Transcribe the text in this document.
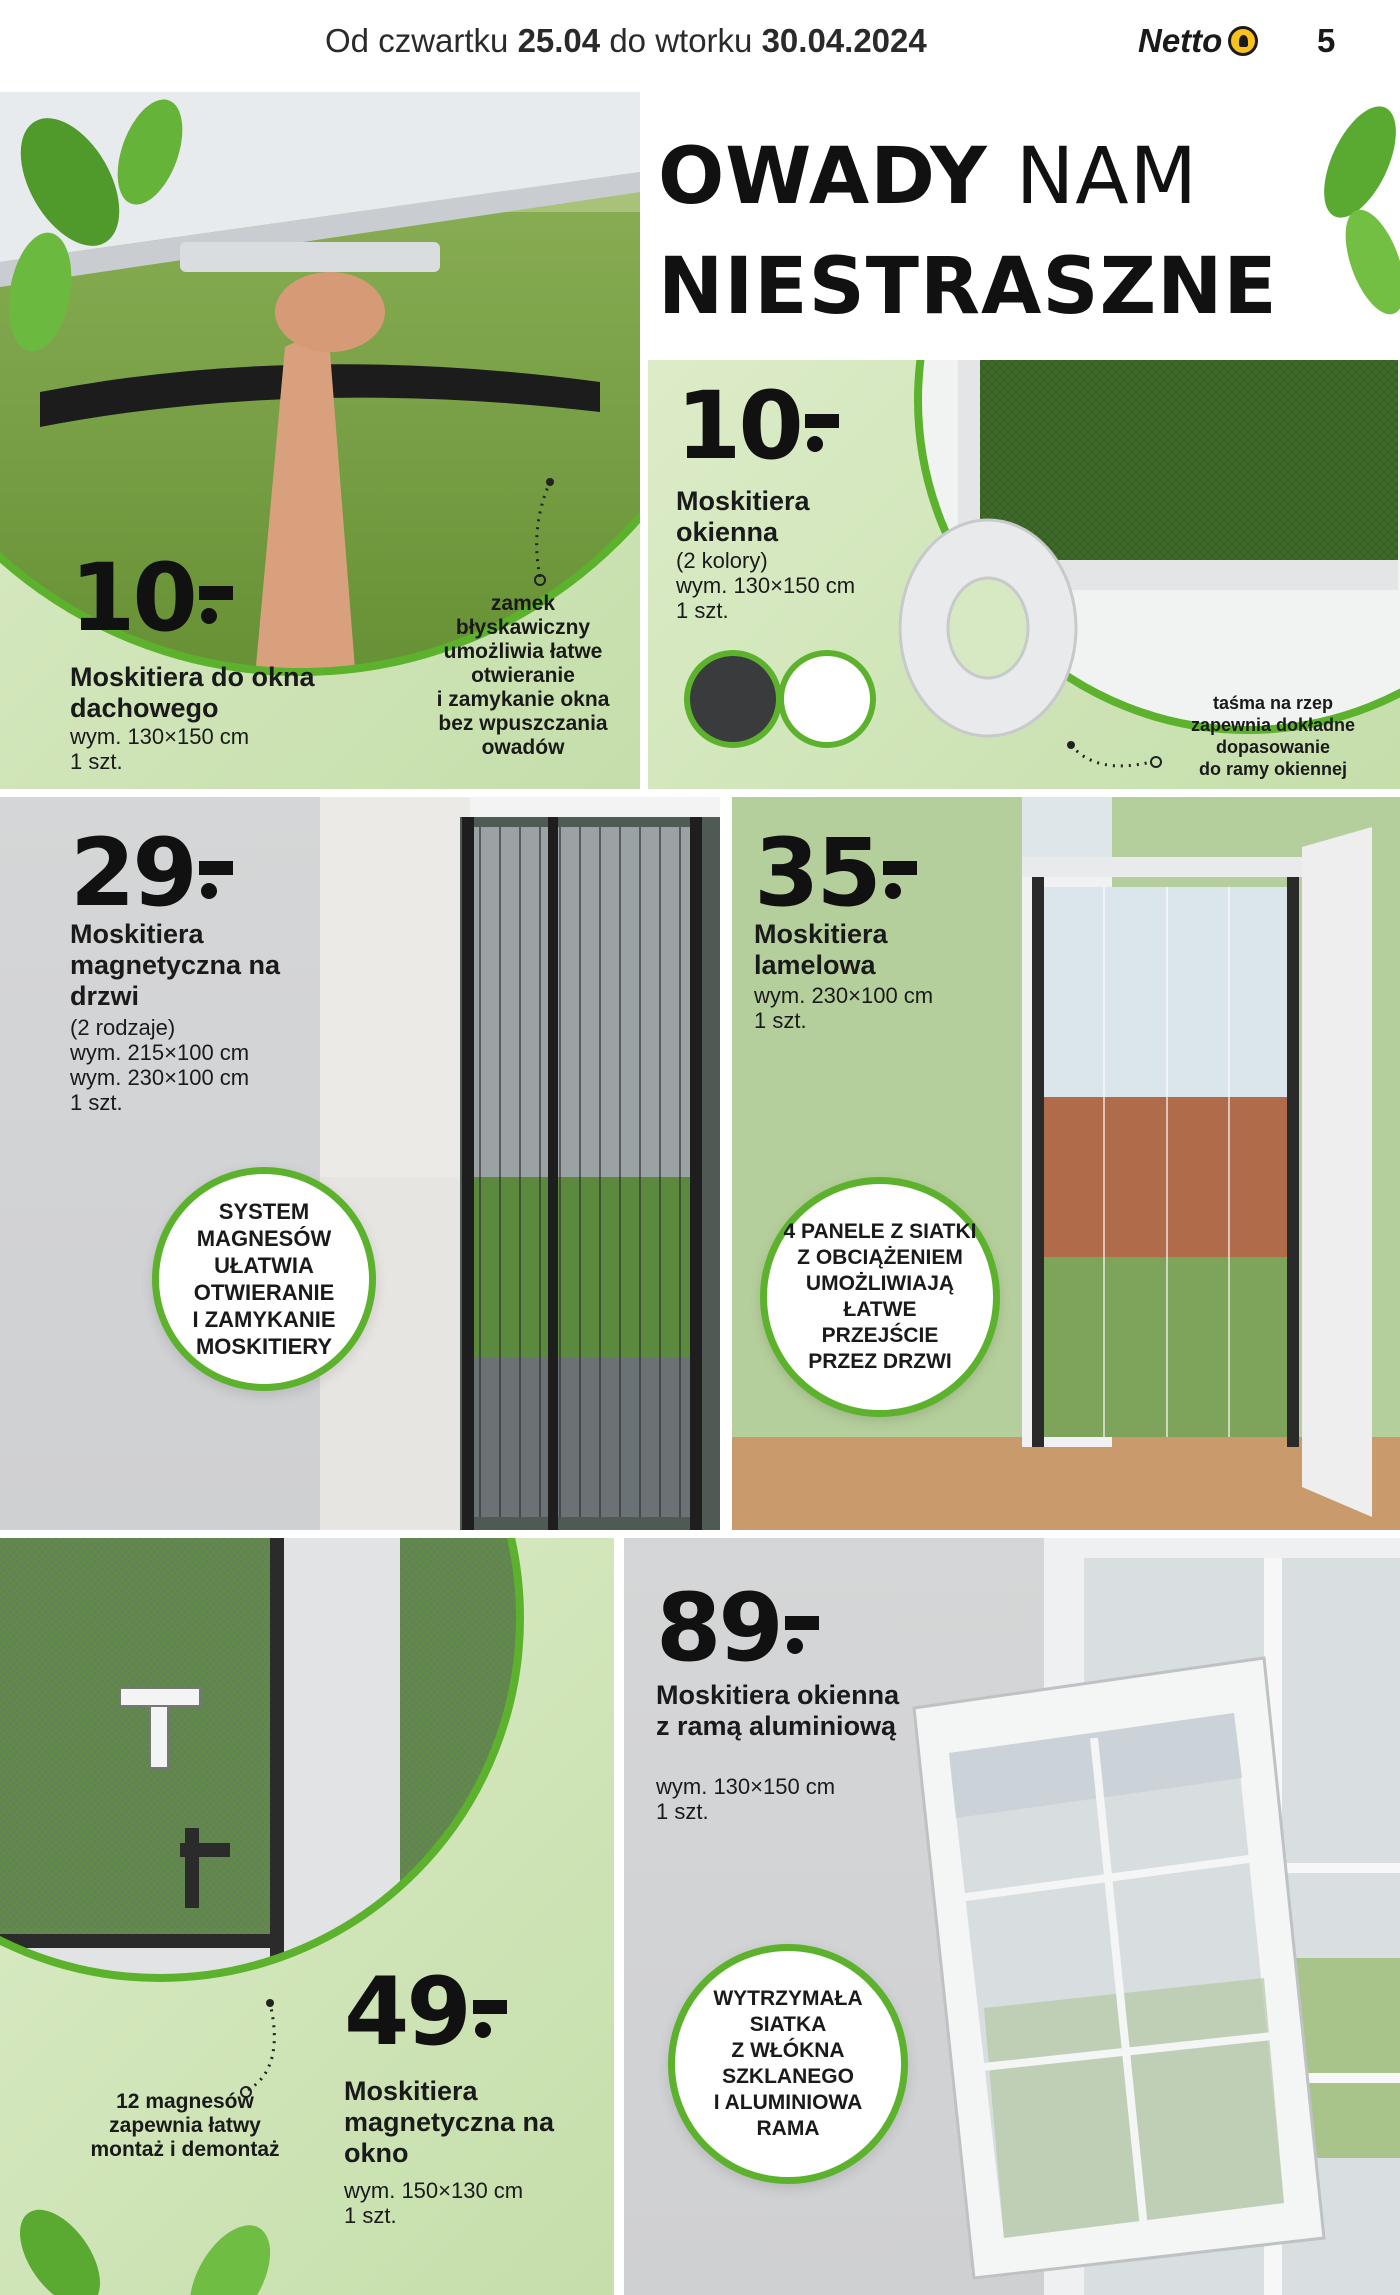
Od czwartku 25.04 do wtorku 30.04.2024	Netto	5
10
Moskitiera do okna dachowego
wym. 130×150 cm
1 szt.
zamek
błyskawiczny
umożliwia łatwe
otwieranie
i zamykanie okna
bez wpuszczania
owadów
OWADY NAM
NIESTRASZNE
10
Moskitiera okienna
(2 kolory)
wym. 130×150 cm
1 szt.
taśma na rzep
zapewnia dokładne
dopasowanie
do ramy okiennej
29
Moskitiera magnetyczna na drzwi
(2 rodzaje)
wym. 215×100 cm
wym. 230×100 cm
1 szt.
SYSTEM
MAGNESÓW
UŁATWIA
OTWIERANIE
I ZAMYKANIE
MOSKITIERY
35
Moskitiera lamelowa
wym. 230×100 cm
1 szt.
4 PANELE Z SIATKI
Z OBCIĄŻENIEM
UMOŻLIWIAJĄ
ŁATWE PRZEJŚCIE
PRZEZ DRZWI
49
Moskitiera magnetyczna na okno
wym. 150×130 cm
1 szt.
12 magnesów
zapewnia łatwy
montaż i demontaż
89
Moskitiera okienna z ramą aluminiową
wym. 130×150 cm
1 szt.
WYTRZYMAŁA
SIATKA
Z WŁÓKNA
SZKLANEGO
I ALUMINIOWA
RAMA
